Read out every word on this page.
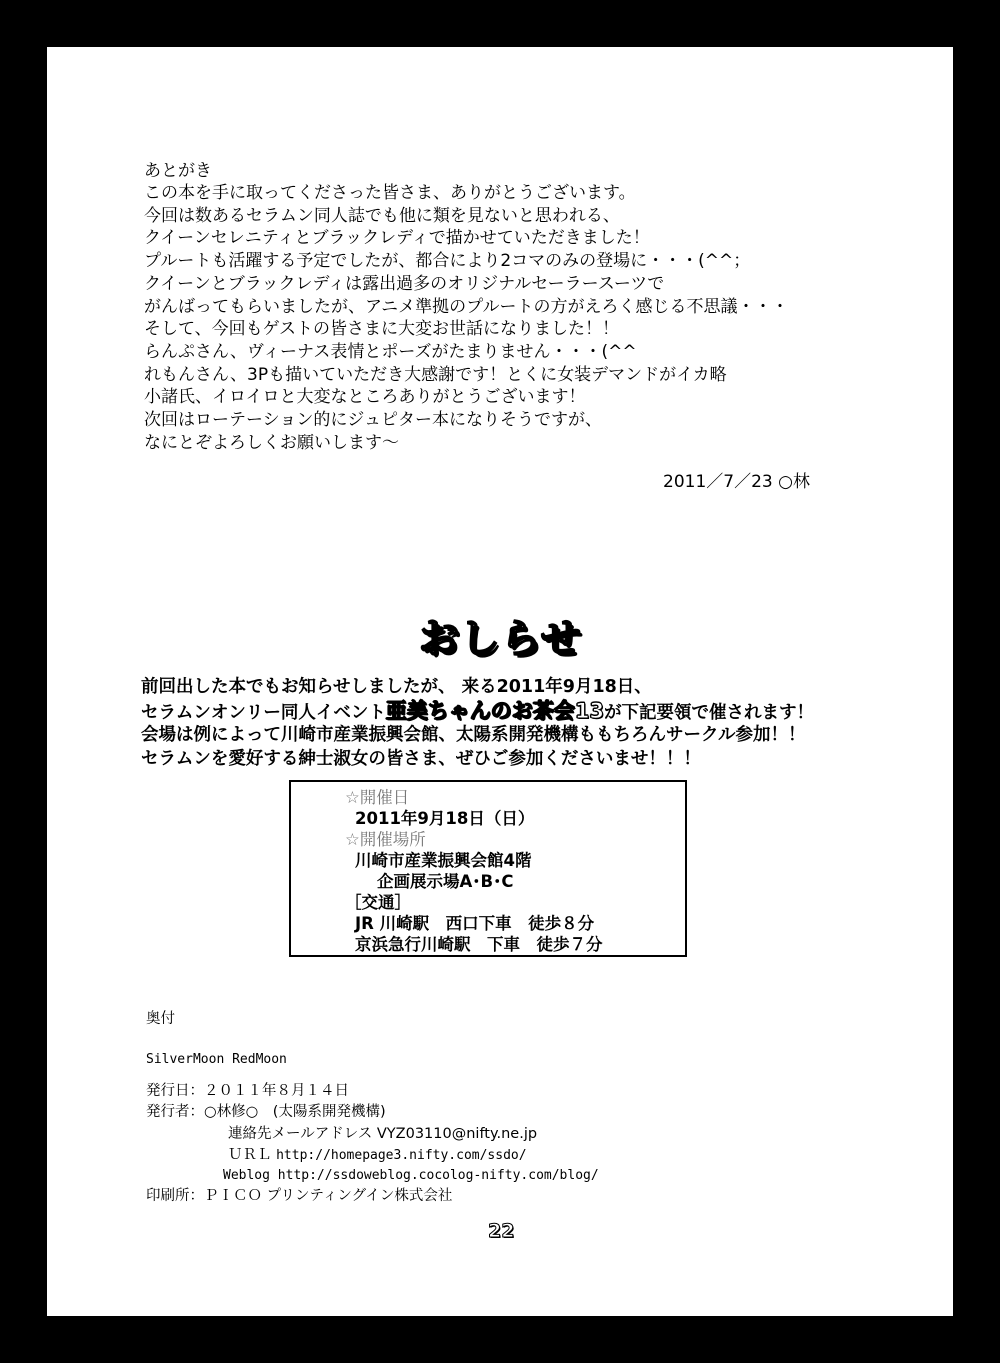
あとがき
この本を手に取ってくださった皆さま、ありがとうございます。
今回は数あるセラムン同人誌でも他に類を見ないと思われる、
クイーンセレニティとブラックレディで描かせていただきました！
プルートも活躍する予定でしたが、都合により2コマのみの登場に・・・(^^；
クイーンとブラックレディは露出過多のオリジナルセーラースーツで
がんばってもらいましたが、アニメ準拠のプルートの方がえろく感じる不思議・・・
そして、今回もゲストの皆さまに大変お世話になりました！！
らんぷさん、ヴィーナス表情とポーズがたまりません・・・(^^
れもんさん、3Pも描いていただき大感謝です！とくに女装デマンドがイカ略
小諸氏、イロイロと大変なところありがとうございます！
次回はローテーション的にジュピター本になりそうですが、
なにとぞよろしくお願いします～
2011／7／23 ○林
おしらせ
前回出した本でもお知らせしましたが、 来る2011年9月18日、
セラムンオンリー同人イベント亜美ちゃんのお茶会13が下記要領で催されます！
会場は例によって川崎市産業振興会館、太陽系開発機構ももちろんサークル参加！！
セラムンを愛好する紳士淑女の皆さま、ぜひご参加くださいませ！！！
☆開催日
2011年9月18日（日）
☆開催場所
川崎市産業振興会館4階
企画展示場A･B･C
［交通］
JR 川崎駅　西口下車　徒歩８分
京浜急行川崎駅　下車　徒歩７分
奥付
SilverMoon RedMoon
発行日：２０１１年８月１４日
発行者：○林修○　(太陽系開発機構)
連絡先メールアドレス VYZ03110@nifty.ne.jp
ＵＲＬ http://homepage3.nifty.com/ssdo/
Weblog http://ssdoweblog.cocolog-nifty.com/blog/
印刷所：ＰＩＣＯ プリンティングイン株式会社
22
